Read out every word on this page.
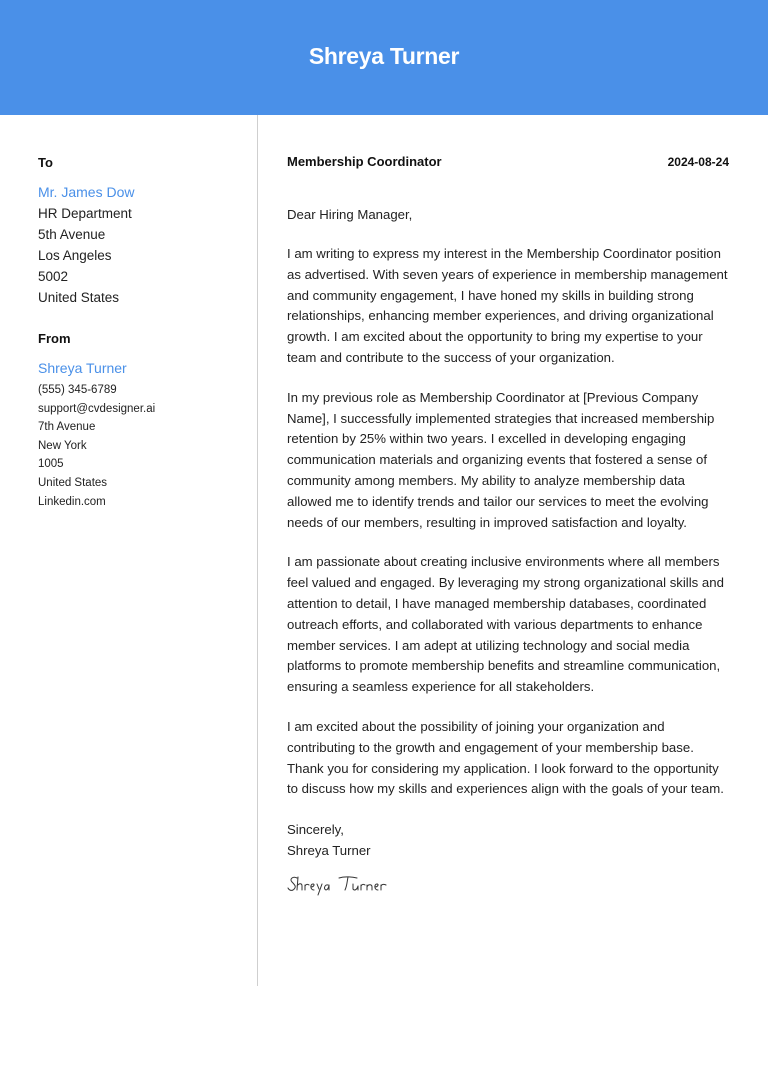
Shreya Turner
To
Mr. James Dow
HR Department
5th Avenue
Los Angeles
5002
United States
From
Shreya Turner
(555) 345-6789
support@cvdesigner.ai
7th Avenue
New York
1005
United States
Linkedin.com
Membership Coordinator	2024-08-24
Dear Hiring Manager,
I am writing to express my interest in the Membership Coordinator position as advertised. With seven years of experience in membership management and community engagement, I have honed my skills in building strong relationships, enhancing member experiences, and driving organizational growth. I am excited about the opportunity to bring my expertise to your team and contribute to the success of your organization.
In my previous role as Membership Coordinator at [Previous Company Name], I successfully implemented strategies that increased membership retention by 25% within two years. I excelled in developing engaging communication materials and organizing events that fostered a sense of community among members. My ability to analyze membership data allowed me to identify trends and tailor our services to meet the evolving needs of our members, resulting in improved satisfaction and loyalty.
I am passionate about creating inclusive environments where all members feel valued and engaged. By leveraging my strong organizational skills and attention to detail, I have managed membership databases, coordinated outreach efforts, and collaborated with various departments to enhance member services. I am adept at utilizing technology and social media platforms to promote membership benefits and streamline communication, ensuring a seamless experience for all stakeholders.
I am excited about the possibility of joining your organization and contributing to the growth and engagement of your membership base. Thank you for considering my application. I look forward to the opportunity to discuss how my skills and experiences align with the goals of your team.
Sincerely,
Shreya Turner
